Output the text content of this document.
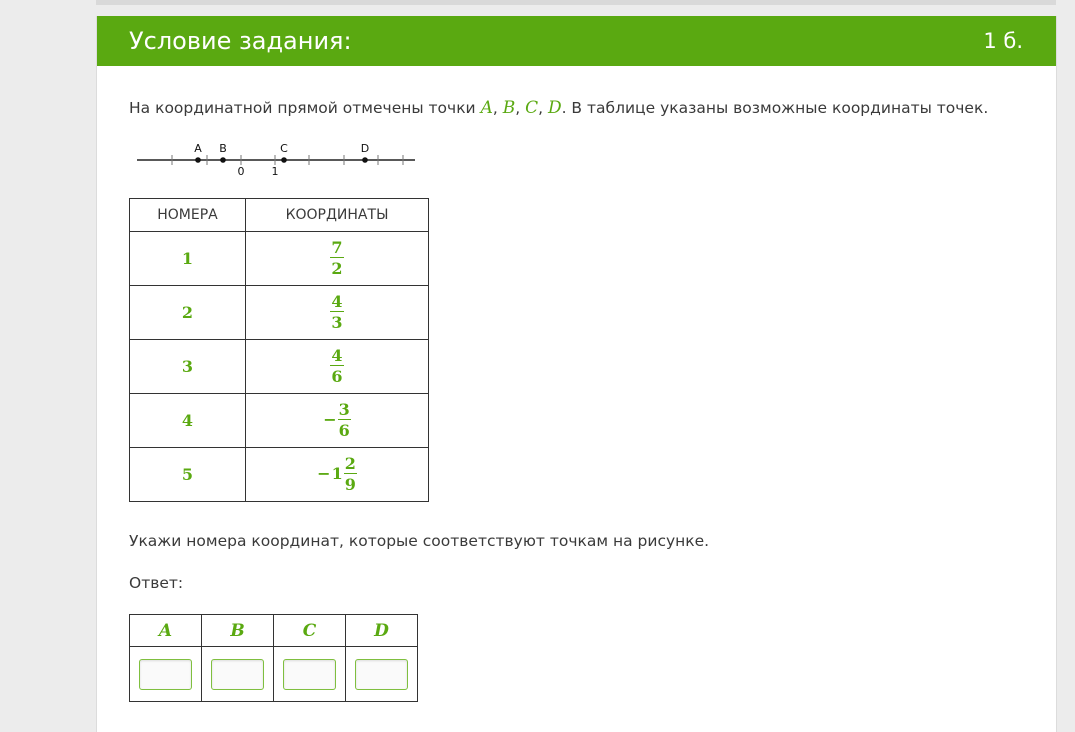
Условие задания:	1 б.
На координатной прямой отмечены точки A, B, C, D. В таблице указаны возможные координаты точек.
A B	C	D
0 1
НОМЕРА	КООРДИНАТЫ
1	$\frac{7}{2}$

2	$\frac{4}{3}$

3	$\frac{4}{6}$

4	− $\frac{3}{6}$

5	$-1 \frac{2}{9}$
Укажи номера координат, которые соответствуют точкам на рисунке.
Ответ:
A	B	C	D
